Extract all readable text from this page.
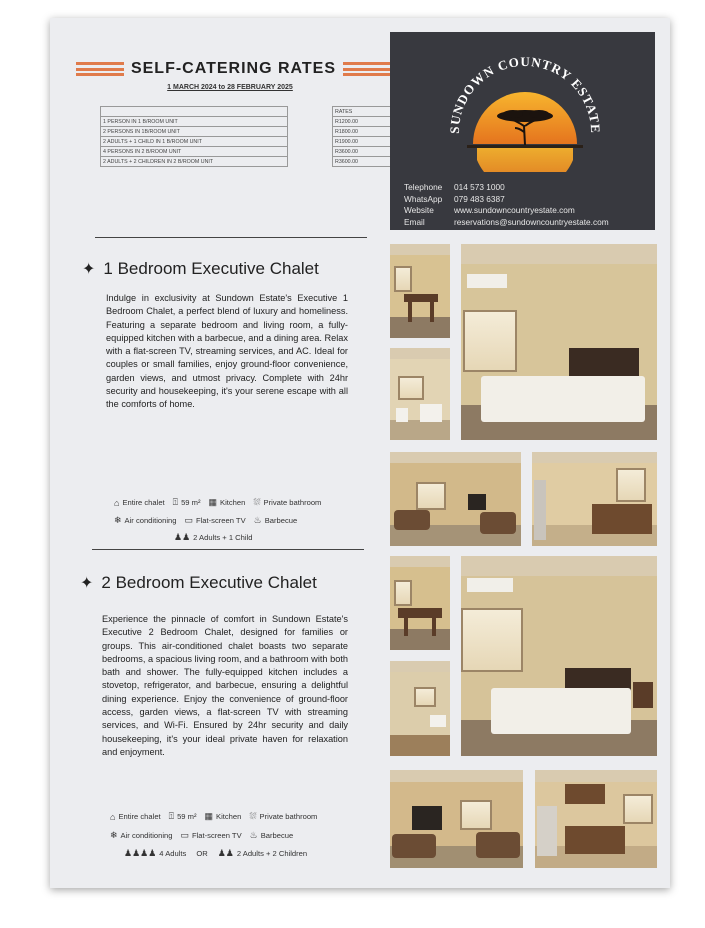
SELF-CATERING RATES
1 MARCH 2024 to 28 FEBRUARY 2025
		RATES
1 PERSON IN 1 B/ROOM UNIT		R1200.00
2 PERSONS IN 1B/ROOM UNIT		R1800.00
2 ADULTS + 1 CHILD IN 1 B/ROOM UNIT		R1900.00
4 PERSONS IN 2 B/ROOM UNIT		R3600.00
2 ADULTS + 2 CHILDREN IN 2 B/ROOM UNIT		R3600.00
SUNDOWN COUNTRY ESTATE
Telephone	014 573 1000
WhatsApp	079 483 6387
Website	www.sundowncountryestate.com
Email	reservations@sundowncountryestate.com
✦ 1 Bedroom Executive Chalet
Indulge in exclusivity at Sundown Estate's Executive 1 Bedroom Chalet, a perfect blend of luxury and homeliness. Featuring a separate bedroom and living room, a fully-equipped kitchen with a barbecue, and a dining area. Relax with a flat-screen TV, streaming services, and AC. Ideal for couples or small families, enjoy ground-floor convenience, garden views, and utmost privacy. Complete with 24hr security and housekeeping, it's your serene escape with all the comforts of home.
⌂ Entire chalet ⍐ 59 m² ▦ Kitchen ⛆ Private bathroom
❄ Air conditioning ▭ Flat-screen TV ♨ Barbecue
♟♟ 2 Adults + 1 Child
✦ 2 Bedroom Executive Chalet
Experience the pinnacle of comfort in Sundown Estate's Executive 2 Bedroom Chalet, designed for families or groups. This air-conditioned chalet boasts two separate bedrooms, a spacious living room, and a bathroom with both bath and shower. The fully-equipped kitchen includes a stovetop, refrigerator, and barbecue, ensuring a delightful dining experience. Enjoy the convenience of ground-floor access, garden views, a flat-screen TV with streaming services, and Wi-Fi. Ensured by 24hr security and daily housekeeping, it's your ideal private haven for relaxation and enjoyment.
⌂ Entire chalet ⍐ 59 m² ▦ Kitchen ⛆ Private bathroom
❄ Air conditioning ▭ Flat-screen TV ♨ Barbecue
♟♟♟♟ 4 Adults OR ♟♟ 2 Adults + 2 Children
